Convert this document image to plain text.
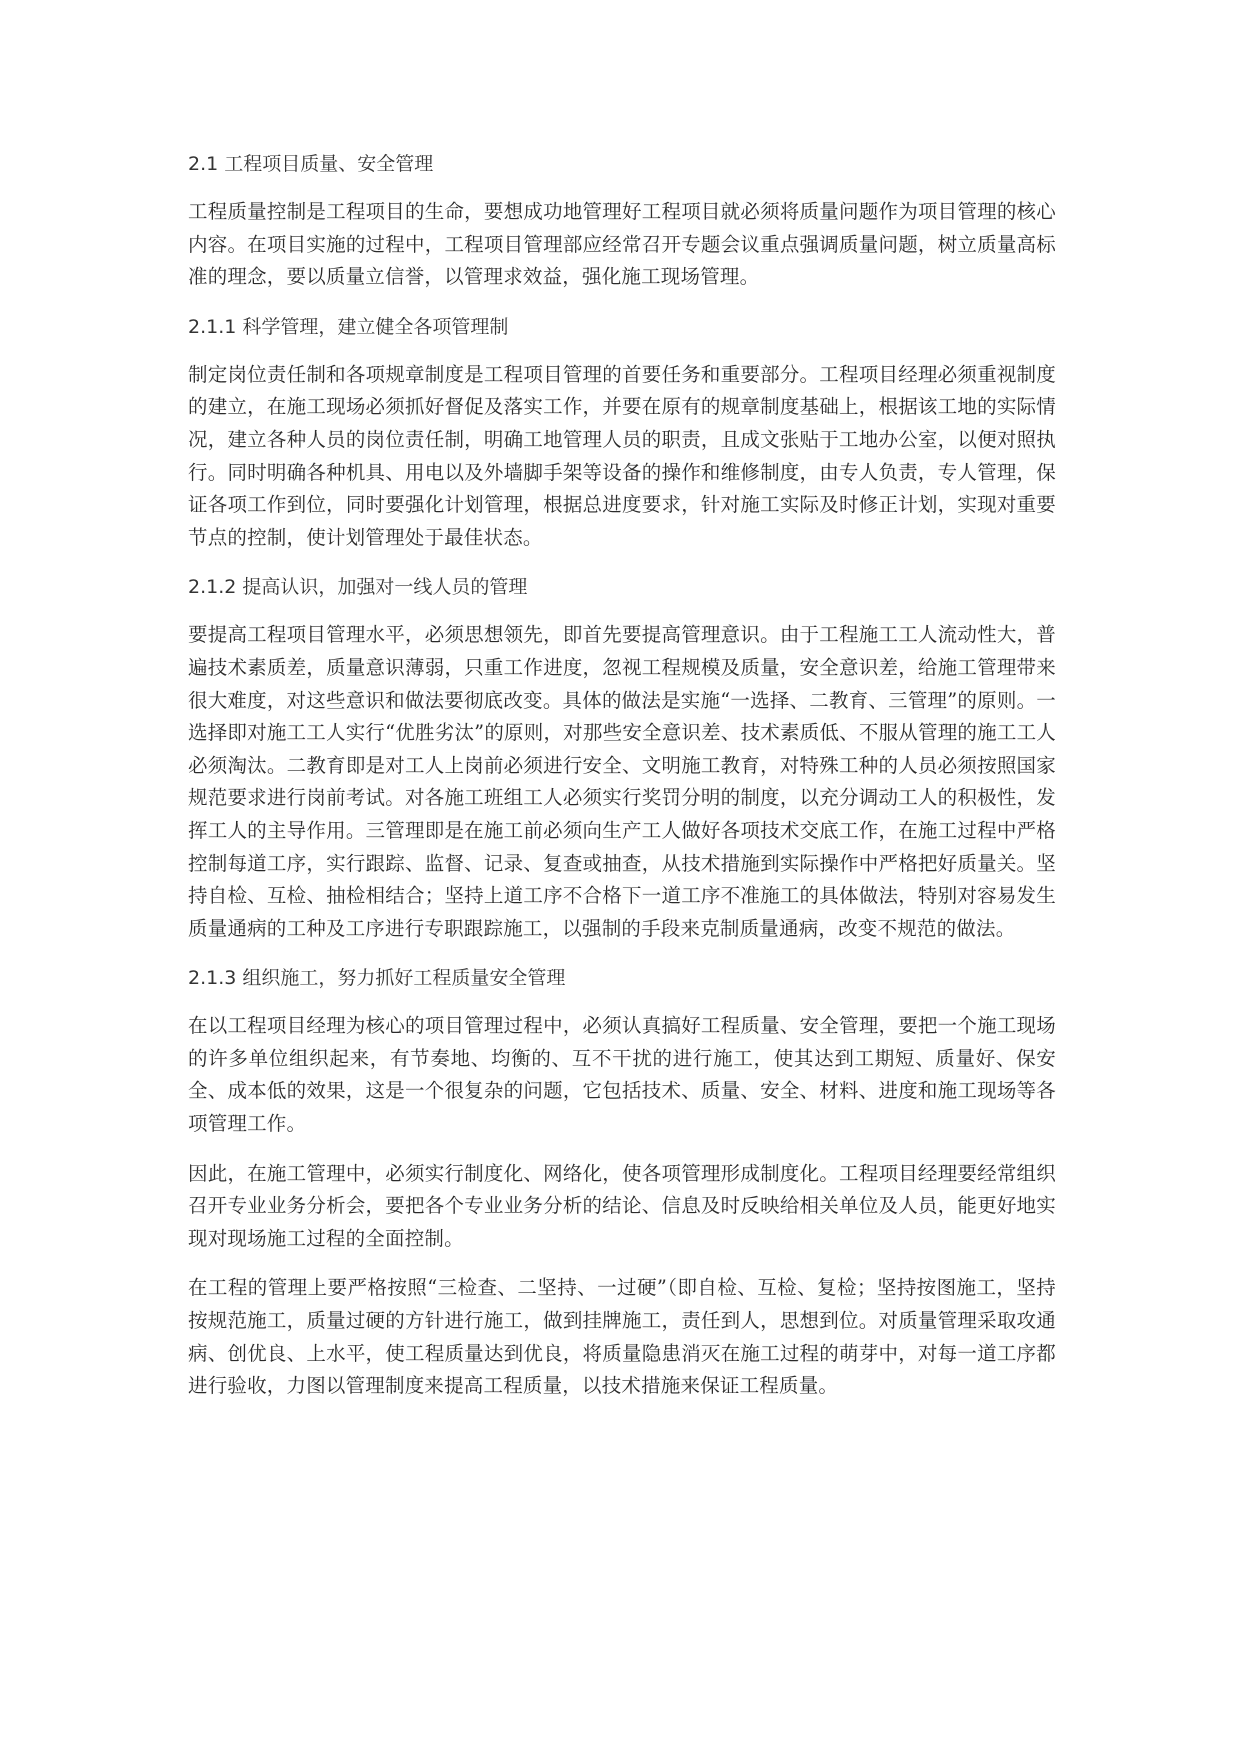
2.1 工程项目质量、安全管理

工程质量控制是工程项目的生命，要想成功地管理好工程项目就必须将质量问题作为项目管理的核心内容。在项目实施的过程中，工程项目管理部应经常召开专题会议重点强调质量问题，树立质量高标准的理念，要以质量立信誉，以管理求效益，强化施工现场管理。

2.1.1 科学管理，建立健全各项管理制

制定岗位责任制和各项规章制度是工程项目管理的首要任务和重要部分。工程项目经理必须重视制度的建立，在施工现场必须抓好督促及落实工作，并要在原有的规章制度基础上，根据该工地的实际情况，建立各种人员的岗位责任制，明确工地管理人员的职责，且成文张贴于工地办公室，以便对照执行。同时明确各种机具、用电以及外墙脚手架等设备的操作和维修制度，由专人负责，专人管理，保证各项工作到位，同时要强化计划管理，根据总进度要求，针对施工实际及时修正计划，实现对重要节点的控制，使计划管理处于最佳状态。

2.1.2 提高认识，加强对一线人员的管理

要提高工程项目管理水平，必须思想领先，即首先要提高管理意识。由于工程施工工人流动性大，普遍技术素质差，质量意识薄弱，只重工作进度，忽视工程规模及质量，安全意识差，给施工管理带来很大难度，对这些意识和做法要彻底改变。具体的做法是实施“一选择、二教育、三管理”的原则。一选择即对施工工人实行“优胜劣汰”的原则，对那些安全意识差、技术素质低、不服从管理的施工工人必须淘汰。二教育即是对工人上岗前必须进行安全、文明施工教育，对特殊工种的人员必须按照国家规范要求进行岗前考试。对各施工班组工人必须实行奖罚分明的制度，以充分调动工人的积极性，发挥工人的主导作用。三管理即是在施工前必须向生产工人做好各项技术交底工作，在施工过程中严格控制每道工序，实行跟踪、监督、记录、复查或抽查，从技术措施到实际操作中严格把好质量关。坚持自检、互检、抽检相结合；坚持上道工序不合格下一道工序不准施工的具体做法，特别对容易发生质量通病的工种及工序进行专职跟踪施工，以强制的手段来克制质量通病，改变不规范的做法。

2.1.3 组织施工，努力抓好工程质量安全管理

在以工程项目经理为核心的项目管理过程中，必须认真搞好工程质量、安全管理，要把一个施工现场的许多单位组织起来，有节奏地、均衡的、互不干扰的进行施工，使其达到工期短、质量好、保安全、成本低的效果，这是一个很复杂的问题，它包括技术、质量、安全、材料、进度和施工现场等各项管理工作。

因此，在施工管理中，必须实行制度化、网络化，使各项管理形成制度化。工程项目经理要经常组织召开专业业务分析会，要把各个专业业务分析的结论、信息及时反映给相关单位及人员，能更好地实现对现场施工过程的全面控制。

在工程的管理上要严格按照“三检查、二坚持、一过硬”（即自检、互检、复检；坚持按图施工，坚持按规范施工，质量过硬的方针进行施工，做到挂牌施工，责任到人，思想到位。对质量管理采取攻通病、创优良、上水平，使工程质量达到优良，将质量隐患消灭在施工过程的萌芽中，对每一道工序都进行验收，力图以管理制度来提高工程质量，以技术措施来保证工程质量。
